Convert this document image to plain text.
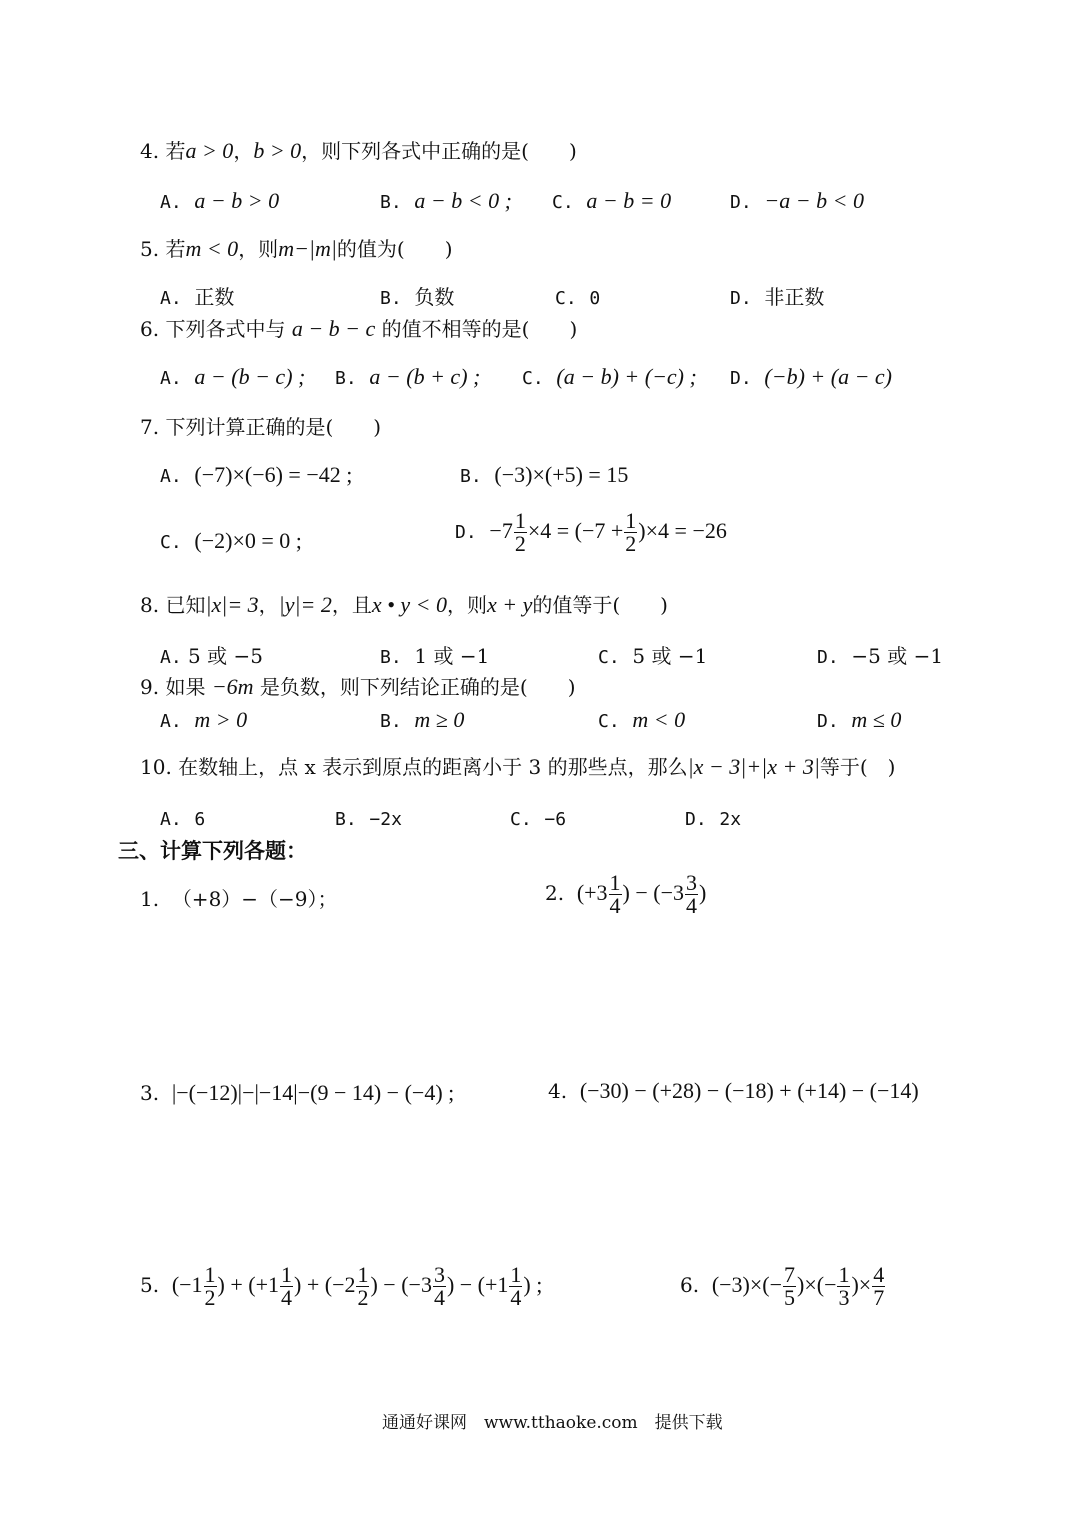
4. 若a > 0，b > 0，则下列各式中正确的是(　　)
A. a − b > 0	B. a − b < 0 ; C. a − b = 0	D. −a − b < 0
5. 若m < 0，则m−|m|的值为(　　)
A. 正数	B. 负数	C. 0	D. 非正数
6. 下列各式中与 a − b − c 的值不相等的是(　　)
A. a − (b − c) ; B. a − (b + c) ; C. (a − b) + (−c) ; D. (−b) + (a − c)
7. 下列计算正确的是(　　)
A. (−7)×(−6) = −42 ;	B. (−3)×(+5) = 15
C. (−2)×0 = 0 ;	D. $-7 \frac{1}{2} \times 4 = (-7 + \frac{1}{2} )\times 4 = -26$
8. 已知|x|= 3，|y|= 2，且x • y < 0，则x + y的值等于(　　)
A. 5 或 −5	B. 1 或 −1	C. 5 或 −1	D. −5 或 −1
9. 如果 −6m 是负数，则下列结论正确的是(　　)
A. m > 0	B. m ≥ 0	C. m < 0	D. m ≤ 0
10. 在数轴上，点 x 表示到原点的距离小于 3 的那些点，那么|x − 3|+|x + 3|等于(　)
A. 6	B. −2x	C. −6	D. 2x
三、计算下列各题：
1. （+8）−（−9）；	2. ($+3 \frac{1}{4}$ ) − ($-3 \frac{3}{4}$ )
3. |−(−12)|−|−14|−(9 − 14) − (−4) ;	4. (−30) − (+28) − (−18) + (+14) − (−14)
5. ($-1 \frac{1}{2}$ ) + ($+1 \frac{1}{4}$ ) + ($-2 \frac{1}{2}$ ) − ($-3 \frac{3}{4}$ ) − ($+1 \frac{1}{4}$ ) ;	6. $(-3)\times(- \frac{7}{5}$ )×(− $\frac{1}{3}$ )× $\frac{4}{7}$
通通好课网　www.tthaoke.com　提供下载
